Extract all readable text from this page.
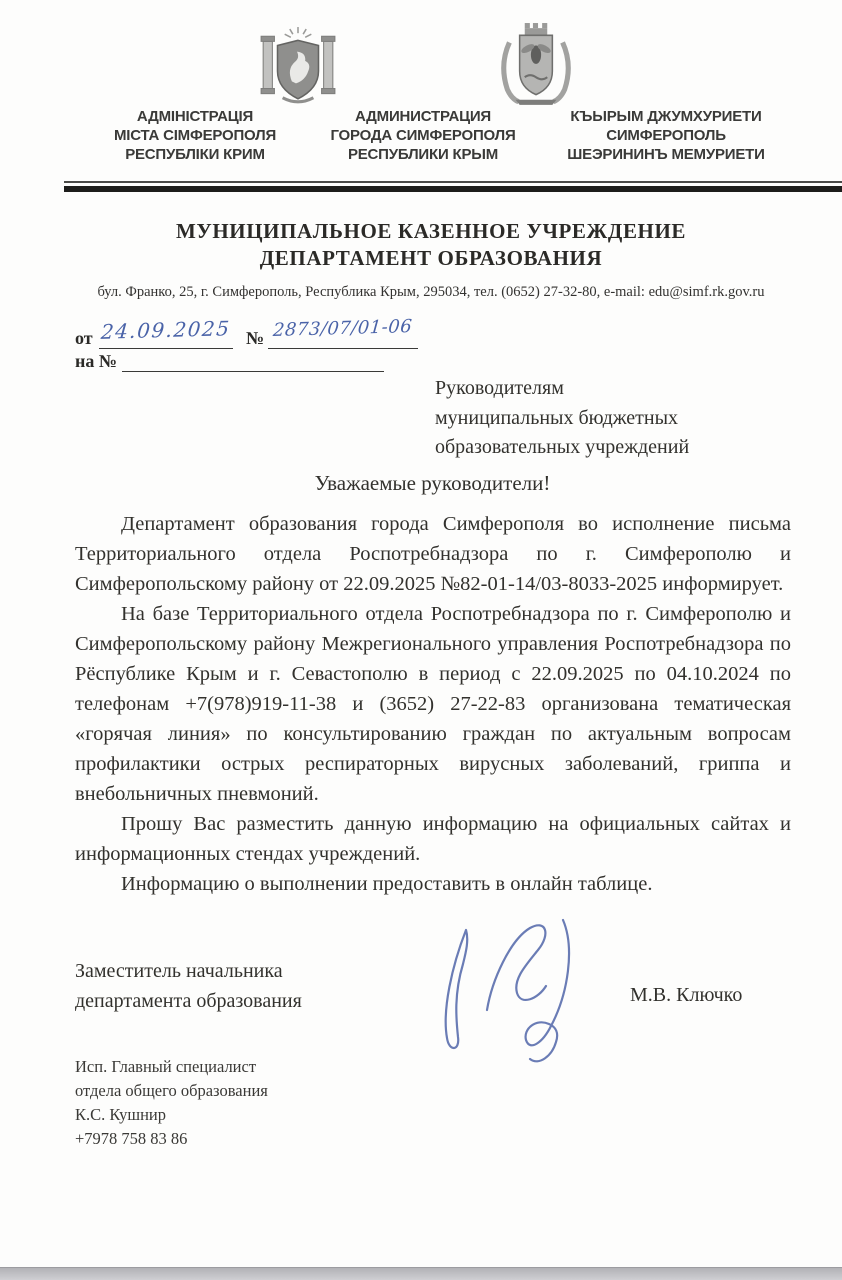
АДМІНІСТРАЦІЯ
МІСТА СІМФЕРОПОЛЯ
РЕСПУБЛІКИ КРИМ
АДМИНИСТРАЦИЯ
ГОРОДА СИМФЕРОПОЛЯ
РЕСПУБЛИКИ КРЫМ
КЪЫРЫМ ДЖУМХУРИЕТИ
СИМФЕРОПОЛЬ
ШЕЭРИНИНЪ МЕМУРИЕТИ
МУНИЦИПАЛЬНОЕ КАЗЕННОЕ УЧРЕЖДЕНИЕ
ДЕПАРТАМЕНТ ОБРАЗОВАНИЯ
бул. Франко, 25, г. Симферополь, Республика Крым, 295034, тел. (0652) 27-32-80, e-mail: edu@simf.rk.gov.ru
от 24.09.2025 № 2873/07/01-06
на №
Руководителям
муниципальных бюджетных
образовательных учреждений
Уважаемые руководители!

Департамент образования города Симферополя во исполнение письма Территориального отдела Роспотребнадзора по г. Симферополю и Симферопольскому району от 22.09.2025 №82-01-14/03-8033-2025 информирует.

На базе Территориального отдела Роспотребнадзора по г. Симферополю и Симферопольскому району Межрегионального управления Роспотребнадзора по Рёспублике Крым и г. Севастополю в период с 22.09.2025 по 04.10.2024 по телефонам +7(978)919-11-38 и (3652) 27-22-83 организована тематическая «горячая линия» по консультированию граждан по актуальным вопросам профилактики острых респираторных вирусных заболеваний, гриппа и внебольничных пневмоний.

Прошу Вас разместить данную информацию на официальных сайтах и информационных стендах учреждений.

Информацию о выполнении предоставить в онлайн таблице.

Заместитель начальника
департамента образования	М.В. Ключко
Исп. Главный специалист
отдела общего образования
К.С. Кушнир
+7978 758 83 86
